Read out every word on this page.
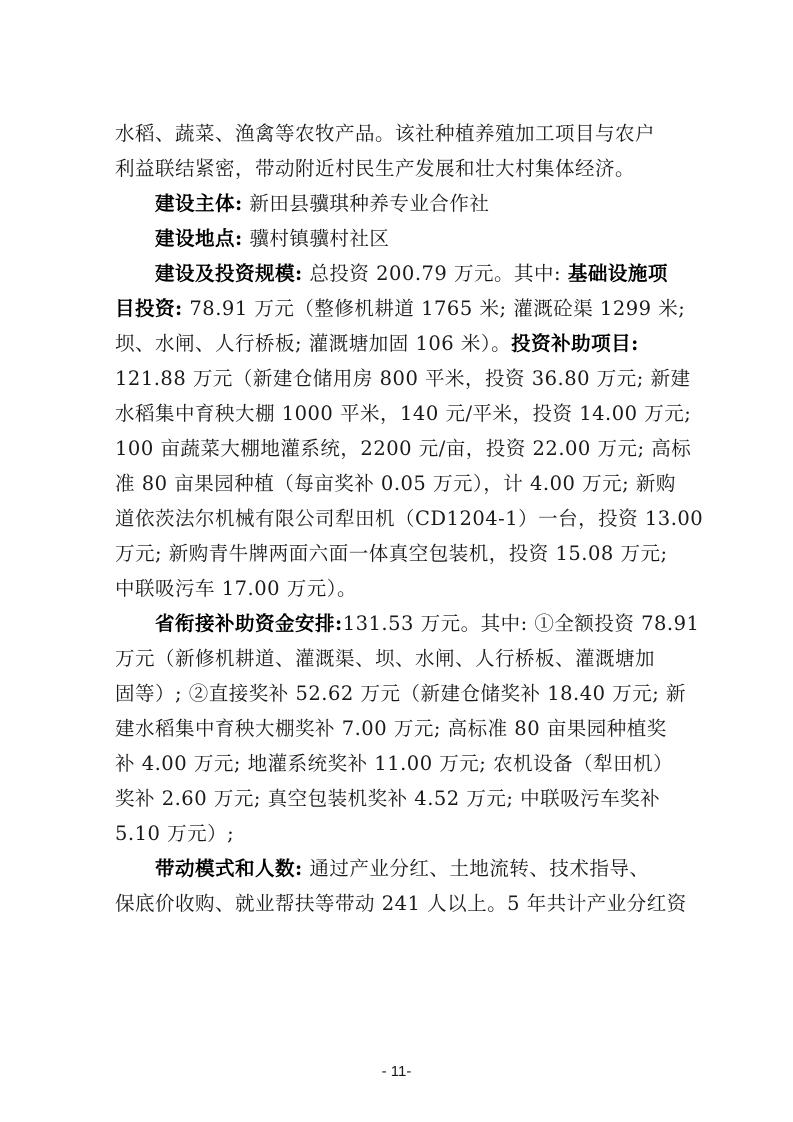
水稻、蔬菜、渔禽等农牧产品。该社种植养殖加工项目与农户
利益联结紧密，带动附近村民生产发展和壮大村集体经济。
建设主体: 新田县骥琪种养专业合作社
建设地点: 骥村镇骥村社区
建设及投资规模: 总投资 200.79 万元。其中: 基础设施项
目投资: 78.91 万元（整修机耕道 1765 米; 灌溉砼渠 1299 米;
坝、水闸、人行桥板; 灌溉塘加固 106 米）。投资补助项目:
121.88 万元（新建仓储用房 800 平米，投资 36.80 万元; 新建
水稻集中育秧大棚 1000 平米，140 元/平米，投资 14.00 万元;
100 亩蔬菜大棚地灌系统，2200 元/亩，投资 22.00 万元; 高标
准 80 亩果园种植（每亩奖补 0.05 万元），计 4.00 万元; 新购
道依茨法尔机械有限公司犁田机（CD1204-1）一台，投资 13.00
万元; 新购青牛牌两面六面一体真空包装机，投资 15.08 万元;
中联吸污车 17.00 万元）。
省衔接补助资金安排:131.53 万元。其中: ①全额投资 78.91
万元（新修机耕道、灌溉渠、坝、水闸、人行桥板、灌溉塘加
固等）; ②直接奖补 52.62 万元（新建仓储奖补 18.40 万元; 新
建水稻集中育秧大棚奖补 7.00 万元; 高标准 80 亩果园种植奖
补 4.00 万元; 地灌系统奖补 11.00 万元; 农机设备（犁田机）
奖补 2.60 万元; 真空包装机奖补 4.52 万元; 中联吸污车奖补
5.10 万元）;
带动模式和人数: 通过产业分红、土地流转、技术指导、
保底价收购、就业帮扶等带动 241 人以上。5 年共计产业分红资
- 11-
